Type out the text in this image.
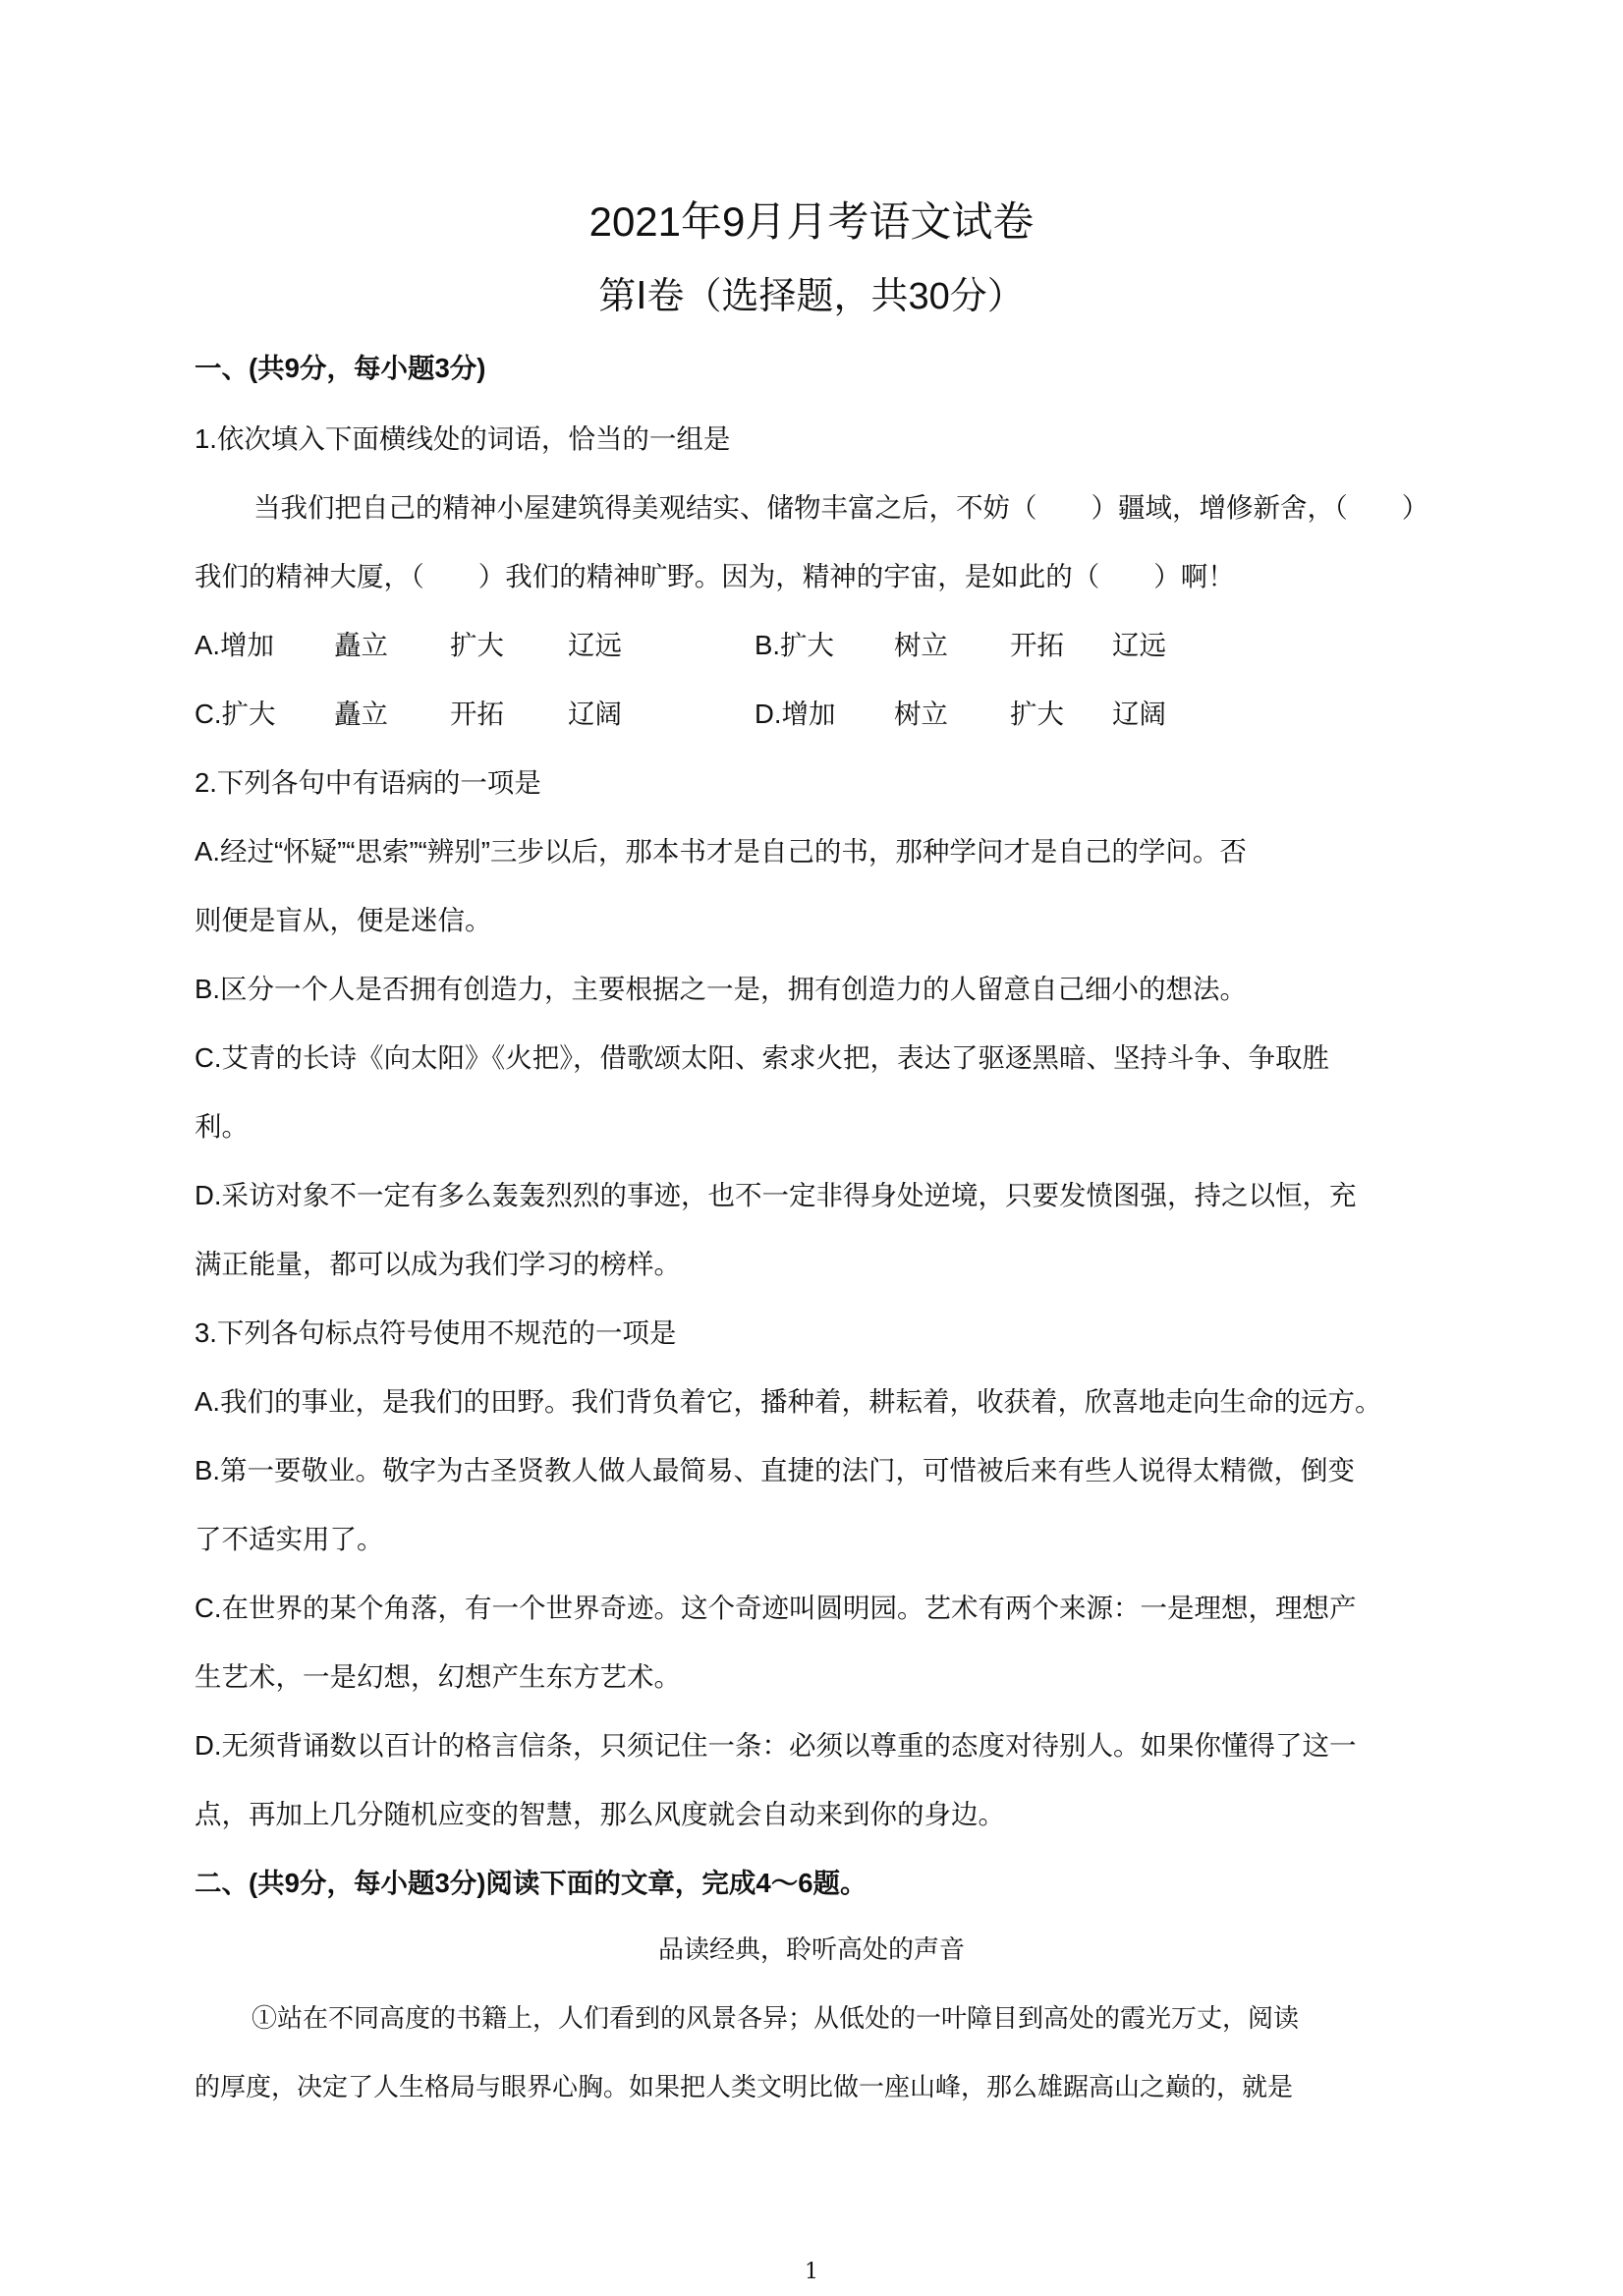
2021年9月月考语文试卷
第Ⅰ卷（选择题，共30分）
一、(共9分，每小题3分)
1.依次填入下面横线处的词语，恰当的一组是
当我们把自己的精神小屋建筑得美观结实、储物丰富之后，不妨（　　）疆域，增修新舍，（　　）
我们的精神大厦，（　　）我们的精神旷野。因为，精神的宇宙，是如此的（　　）啊！
A.增加 矗立 扩大 辽远	B.扩大 树立 开拓 辽远
C.扩大 矗立 开拓 辽阔	D.增加 树立 扩大 辽阔
2.下列各句中有语病的一项是
A.经过“怀疑”“思索”“辨别”三步以后，那本书才是自己的书，那种学问才是自己的学问。否
则便是盲从，便是迷信。
B.区分一个人是否拥有创造力，主要根据之一是，拥有创造力的人留意自己细小的想法。
C.艾青的长诗《向太阳》《火把》，借歌颂太阳、索求火把，表达了驱逐黑暗、坚持斗争、争取胜
利。
D.采访对象不一定有多么轰轰烈烈的事迹，也不一定非得身处逆境，只要发愤图强，持之以恒，充
满正能量，都可以成为我们学习的榜样。
3.下列各句标点符号使用不规范的一项是
A.我们的事业，是我们的田野。我们背负着它，播种着，耕耘着，收获着，欣喜地走向生命的远方。
B.第一要敬业。敬字为古圣贤教人做人最简易、直捷的法门，可惜被后来有些人说得太精微，倒变
了不适实用了。
C.在世界的某个角落，有一个世界奇迹。这个奇迹叫圆明园。艺术有两个来源：一是理想，理想产
生艺术，一是幻想，幻想产生东方艺术。
D.无须背诵数以百计的格言信条，只须记住一条：必须以尊重的态度对待别人。如果你懂得了这一
点，再加上几分随机应变的智慧，那么风度就会自动来到你的身边。
二、(共9分，每小题3分)阅读下面的文章，完成4～6题。
品读经典，聆听高处的声音
①站在不同高度的书籍上，人们看到的风景各异；从低处的一叶障目到高处的霞光万丈，阅读
的厚度，决定了人生格局与眼界心胸。如果把人类文明比做一座山峰，那么雄踞高山之巅的，就是
1
